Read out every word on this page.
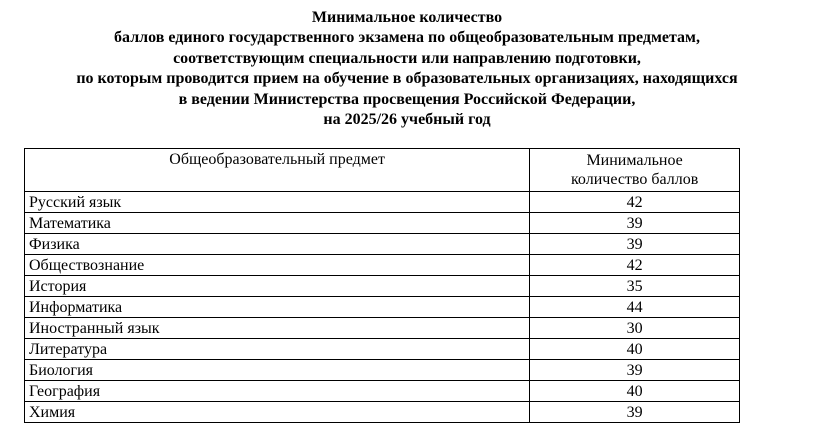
Минимальное количество
баллов единого государственного экзамена по общеобразовательным предметам,
соответствующим специальности или направлению подготовки,
по которым проводится прием на обучение в образовательных организациях, находящихся
в ведении Министерства просвещения Российской Федерации,
на 2025/26 учебный год
Общеобразовательный предмет	Минимальное
количество баллов

Русский язык	42
Математика	39
Физика	39
Обществознание	42
История	35
Информатика	44
Иностранный язык	30
Литература	40
Биология	39
География	40
Химия	39
